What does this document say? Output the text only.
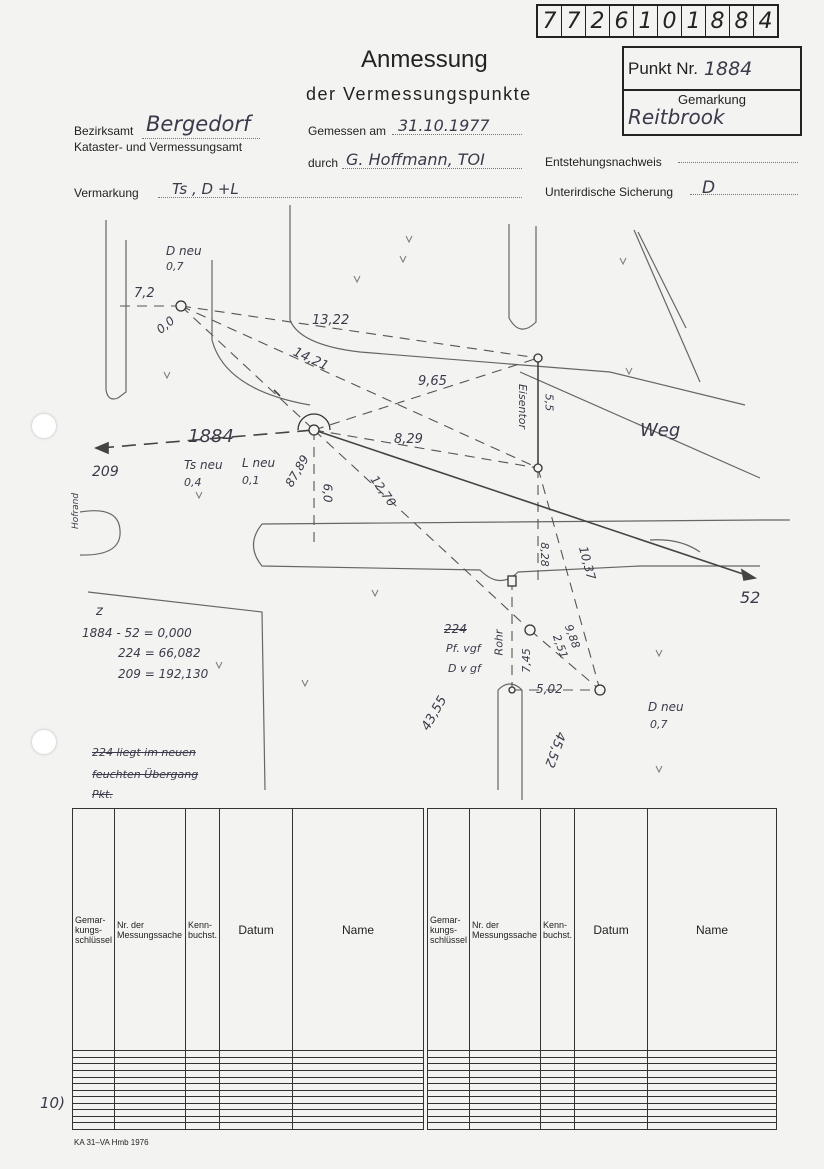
7 7 2 6 1 0 1 8 8 4
Anmessung
der Vermessungspunkte
Punkt Nr. 1884
Gemarkung
Reitbrook
Bezirksamt Bergedorf
Kataster- und Vermessungsamt
Gemessen am 31.10.1977
durch G. Hoffmann, TOI	Entstehungsnachweis
Vermarkung Ts , D +L	Unterirdische Sicherung D
D neu
0,7
7,2
0,0	13,22
14,21
9,65
5,5
Eisentor
Weg
8,29
1884
209	Ts neu
0,4
L neu
0,1 87,89
6,0	12,70
8,28 10,37
52
Hofrand
z
1884 - 52 = 0,000
224 = 66,082
209 = 192,130
224
Pf. vgf
D v gf
Rohr
7,45
9,88
2,51
5,02
43,55
45,52
D neu
0,7
224 liegt im neuen
feuchten Übergang
Pkt.
Gemar-kungs-schlüssel	Nr. der Messungssache	Kenn-buchst.	Datum	Name

Gemar-kungs-schlüssel	Nr. der Messungssache	Kenn-buchst.	Datum	Name

10)
KA 31–VA Hmb 1976
